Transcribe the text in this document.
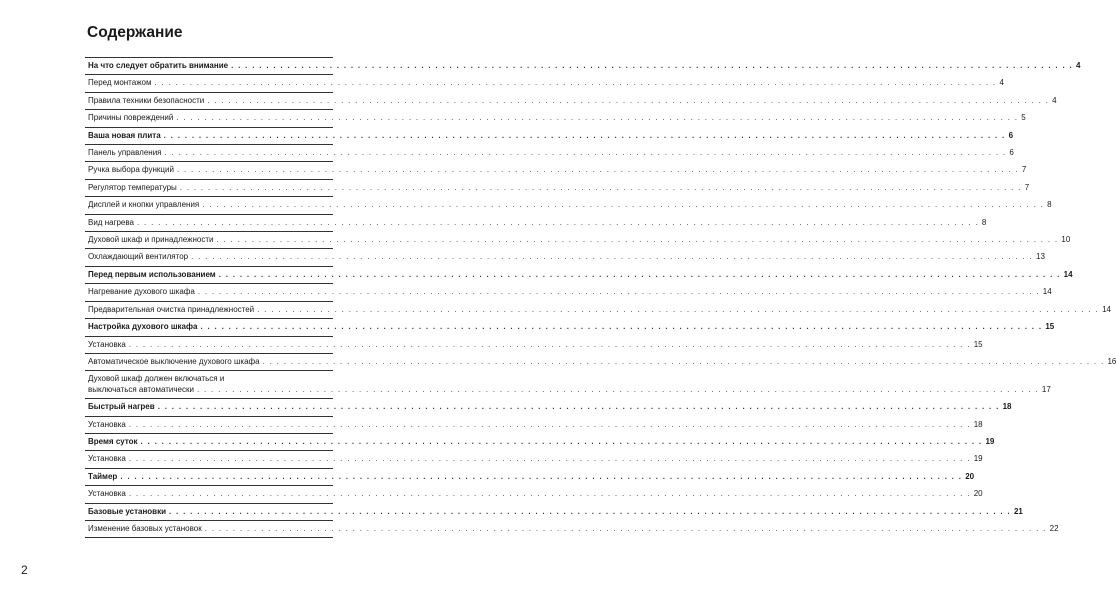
Содержание
На что следует обратить внимание . . . . . . . . . . . . . . . . . . . . . . . . . . . . . . . . . . . . . . . . . . . . . . . . . . . . . . . . . . . . . . . . . . . . . . . . . . . . . . . . . . . . . . . . . . . . . . . . . . . . . . . . . . . . . . . . . . . . . . . . 4
Перед монтажом . . . . . . . . . . . . . . . . . . . . . . . . . . . . . . . . . . . . . . . . . . . . . . . . . . . . . . . . . . . . . . . . . . . . . . . . . . . . . . . . . . . . . . . . . . . . . . . . . . . . . . . . . . . . . . . . . . . . . . . . 4
Правила техники безопасности . . . . . . . . . . . . . . . . . . . . . . . . . . . . . . . . . . . . . . . . . . . . . . . . . . . . . . . . . . . . . . . . . . . . . . . . . . . . . . . . . . . . . . . . . . . . . . . . . . . . . . . . . . . . . . . . . . . . . . . . 4
Причины повреждений . . . . . . . . . . . . . . . . . . . . . . . . . . . . . . . . . . . . . . . . . . . . . . . . . . . . . . . . . . . . . . . . . . . . . . . . . . . . . . . . . . . . . . . . . . . . . . . . . . . . . . . . . . . . . . . . . . . . . . . . 5
Ваша новая плита . . . . . . . . . . . . . . . . . . . . . . . . . . . . . . . . . . . . . . . . . . . . . . . . . . . . . . . . . . . . . . . . . . . . . . . . . . . . . . . . . . . . . . . . . . . . . . . . . . . . . . . . . . . . . . . . . . . . . . . . 6
Панель управления . . . . . . . . . . . . . . . . . . . . . . . . . . . . . . . . . . . . . . . . . . . . . . . . . . . . . . . . . . . . . . . . . . . . . . . . . . . . . . . . . . . . . . . . . . . . . . . . . . . . . . . . . . . . . . . . . . . . . . . . 6
Ручка выбора функций . . . . . . . . . . . . . . . . . . . . . . . . . . . . . . . . . . . . . . . . . . . . . . . . . . . . . . . . . . . . . . . . . . . . . . . . . . . . . . . . . . . . . . . . . . . . . . . . . . . . . . . . . . . . . . . . . . . . . . . . 7
Регулятор температуры . . . . . . . . . . . . . . . . . . . . . . . . . . . . . . . . . . . . . . . . . . . . . . . . . . . . . . . . . . . . . . . . . . . . . . . . . . . . . . . . . . . . . . . . . . . . . . . . . . . . . . . . . . . . . . . . . . . . . . . . 7
Дисплей и кнопки управления . . . . . . . . . . . . . . . . . . . . . . . . . . . . . . . . . . . . . . . . . . . . . . . . . . . . . . . . . . . . . . . . . . . . . . . . . . . . . . . . . . . . . . . . . . . . . . . . . . . . . . . . . . . . . . . . . . . . . . . . 8
Вид нагрева . . . . . . . . . . . . . . . . . . . . . . . . . . . . . . . . . . . . . . . . . . . . . . . . . . . . . . . . . . . . . . . . . . . . . . . . . . . . . . . . . . . . . . . . . . . . . . . . . . . . . . . . . . . . . . . . . . . . . . . . 8
Духовой шкаф и принадлежности . . . . . . . . . . . . . . . . . . . . . . . . . . . . . . . . . . . . . . . . . . . . . . . . . . . . . . . . . . . . . . . . . . . . . . . . . . . . . . . . . . . . . . . . . . . . . . . . . . . . . . . . . . . . . . . . . . . . . . . . 10
Охлаждающий вентилятор . . . . . . . . . . . . . . . . . . . . . . . . . . . . . . . . . . . . . . . . . . . . . . . . . . . . . . . . . . . . . . . . . . . . . . . . . . . . . . . . . . . . . . . . . . . . . . . . . . . . . . . . . . . . . . . . . . . . . . . . 13
Перед первым использованием . . . . . . . . . . . . . . . . . . . . . . . . . . . . . . . . . . . . . . . . . . . . . . . . . . . . . . . . . . . . . . . . . . . . . . . . . . . . . . . . . . . . . . . . . . . . . . . . . . . . . . . . . . . . . . . . . . . . . . . . 14
Нагревание духового шкафа . . . . . . . . . . . . . . . . . . . . . . . . . . . . . . . . . . . . . . . . . . . . . . . . . . . . . . . . . . . . . . . . . . . . . . . . . . . . . . . . . . . . . . . . . . . . . . . . . . . . . . . . . . . . . . . . . . . . . . . . 14
Предварительная очистка принадлежностей . . . . . . . . . . . . . . . . . . . . . . . . . . . . . . . . . . . . . . . . . . . . . . . . . . . . . . . . . . . . . . . . . . . . . . . . . . . . . . . . . . . . . . . . . . . . . . . . . . . . . . . . . . . . . . . . . . . . . . . . 14
Настройка духового шкафа . . . . . . . . . . . . . . . . . . . . . . . . . . . . . . . . . . . . . . . . . . . . . . . . . . . . . . . . . . . . . . . . . . . . . . . . . . . . . . . . . . . . . . . . . . . . . . . . . . . . . . . . . . . . . . . . . . . . . . . . 15
Установка . . . . . . . . . . . . . . . . . . . . . . . . . . . . . . . . . . . . . . . . . . . . . . . . . . . . . . . . . . . . . . . . . . . . . . . . . . . . . . . . . . . . . . . . . . . . . . . . . . . . . . . . . . . . . . . . . . . . . . . . 15
Автоматическое выключение духового шкафа . . . . . . . . . . . . . . . . . . . . . . . . . . . . . . . . . . . . . . . . . . . . . . . . . . . . . . . . . . . . . . . . . . . . . . . . . . . . . . . . . . . . . . . . . . . . . . . . . . . . . . . . . . . . . . . . . . . . . . . . 16
Духовой шкаф должен включаться и
выключаться автоматически . . . . . . . . . . . . . . . . . . . . . . . . . . . . . . . . . . . . . . . . . . . . . . . . . . . . . . . . . . . . . . . . . . . . . . . . . . . . . . . . . . . . . . . . . . . . . . . . . . . . . . . . . . . . . . . . . . . . . . . . 17
Быстрый нагрев . . . . . . . . . . . . . . . . . . . . . . . . . . . . . . . . . . . . . . . . . . . . . . . . . . . . . . . . . . . . . . . . . . . . . . . . . . . . . . . . . . . . . . . . . . . . . . . . . . . . . . . . . . . . . . . . . . . . . . . . 18
Установка . . . . . . . . . . . . . . . . . . . . . . . . . . . . . . . . . . . . . . . . . . . . . . . . . . . . . . . . . . . . . . . . . . . . . . . . . . . . . . . . . . . . . . . . . . . . . . . . . . . . . . . . . . . . . . . . . . . . . . . . 18
Время суток . . . . . . . . . . . . . . . . . . . . . . . . . . . . . . . . . . . . . . . . . . . . . . . . . . . . . . . . . . . . . . . . . . . . . . . . . . . . . . . . . . . . . . . . . . . . . . . . . . . . . . . . . . . . . . . . . . . . . . . . 19
Установка . . . . . . . . . . . . . . . . . . . . . . . . . . . . . . . . . . . . . . . . . . . . . . . . . . . . . . . . . . . . . . . . . . . . . . . . . . . . . . . . . . . . . . . . . . . . . . . . . . . . . . . . . . . . . . . . . . . . . . . . 19
Таймер . . . . . . . . . . . . . . . . . . . . . . . . . . . . . . . . . . . . . . . . . . . . . . . . . . . . . . . . . . . . . . . . . . . . . . . . . . . . . . . . . . . . . . . . . . . . . . . . . . . . . . . . . . . . . . . . . . . . . . . . 20
Установка . . . . . . . . . . . . . . . . . . . . . . . . . . . . . . . . . . . . . . . . . . . . . . . . . . . . . . . . . . . . . . . . . . . . . . . . . . . . . . . . . . . . . . . . . . . . . . . . . . . . . . . . . . . . . . . . . . . . . . . . 20
Базовые установки . . . . . . . . . . . . . . . . . . . . . . . . . . . . . . . . . . . . . . . . . . . . . . . . . . . . . . . . . . . . . . . . . . . . . . . . . . . . . . . . . . . . . . . . . . . . . . . . . . . . . . . . . . . . . . . . . . . . . . . . 21
Изменение базовых установок . . . . . . . . . . . . . . . . . . . . . . . . . . . . . . . . . . . . . . . . . . . . . . . . . . . . . . . . . . . . . . . . . . . . . . . . . . . . . . . . . . . . . . . . . . . . . . . . . . . . . . . . . . . . . . . . . . . . . . . . 22
2
